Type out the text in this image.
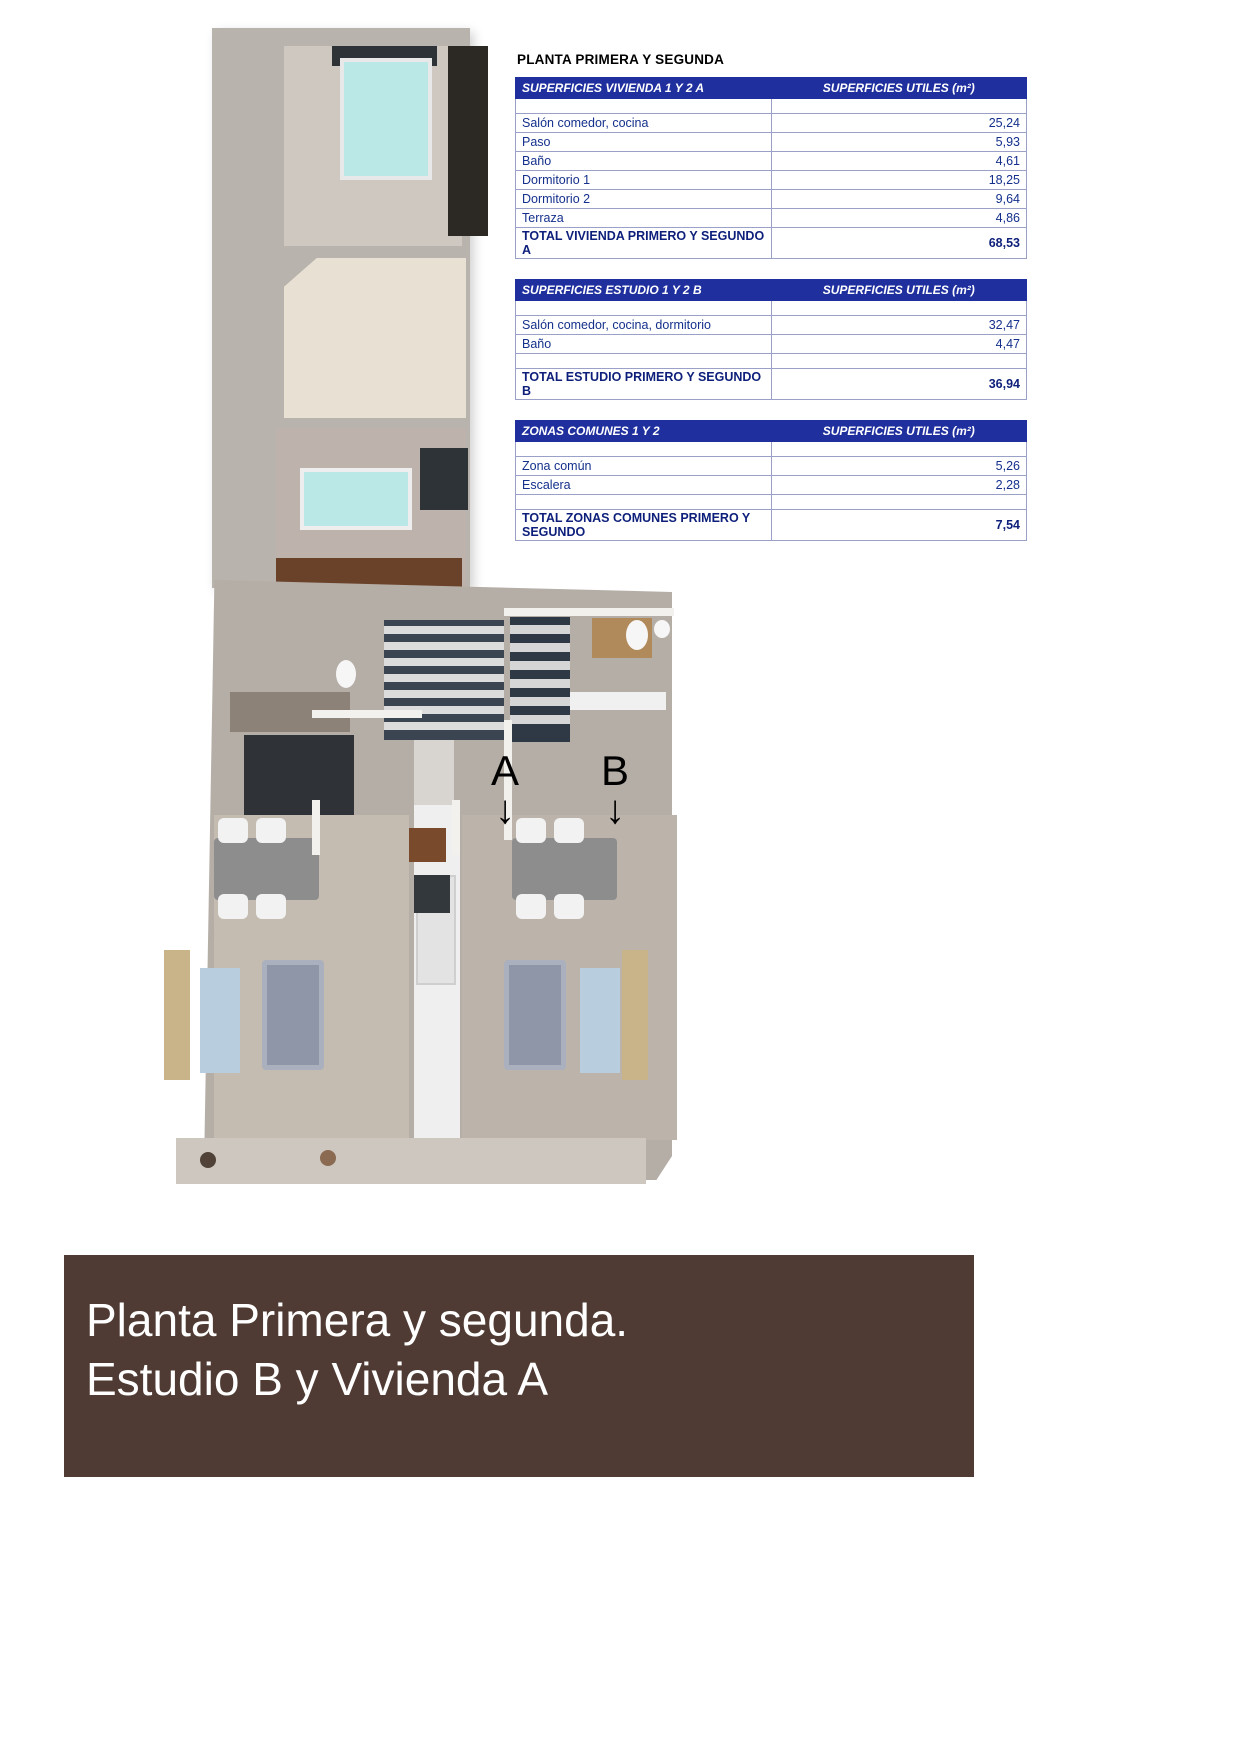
A
↓
B
↓
PLANTA PRIMERA Y SEGUNDA
SUPERFICIES VIVIENDA 1 Y 2 A	SUPERFICIES UTILES (m²)

Salón comedor, cocina	25,24
Paso	5,93
Baño	4,61
Dormitorio 1	18,25
Dormitorio 2	9,64
Terraza	4,86
TOTAL VIVIENDA PRIMERO Y SEGUNDO A	68,53
SUPERFICIES ESTUDIO 1 Y 2 B	SUPERFICIES UTILES (m²)

Salón comedor, cocina, dormitorio	32,47
Baño	4,47

TOTAL ESTUDIO PRIMERO Y SEGUNDO B	36,94
ZONAS COMUNES 1 Y 2	SUPERFICIES UTILES (m²)

Zona común	5,26
Escalera	2,28

TOTAL ZONAS COMUNES PRIMERO Y SEGUNDO	7,54
Planta Primera y segunda.
Estudio B y Vivienda A
